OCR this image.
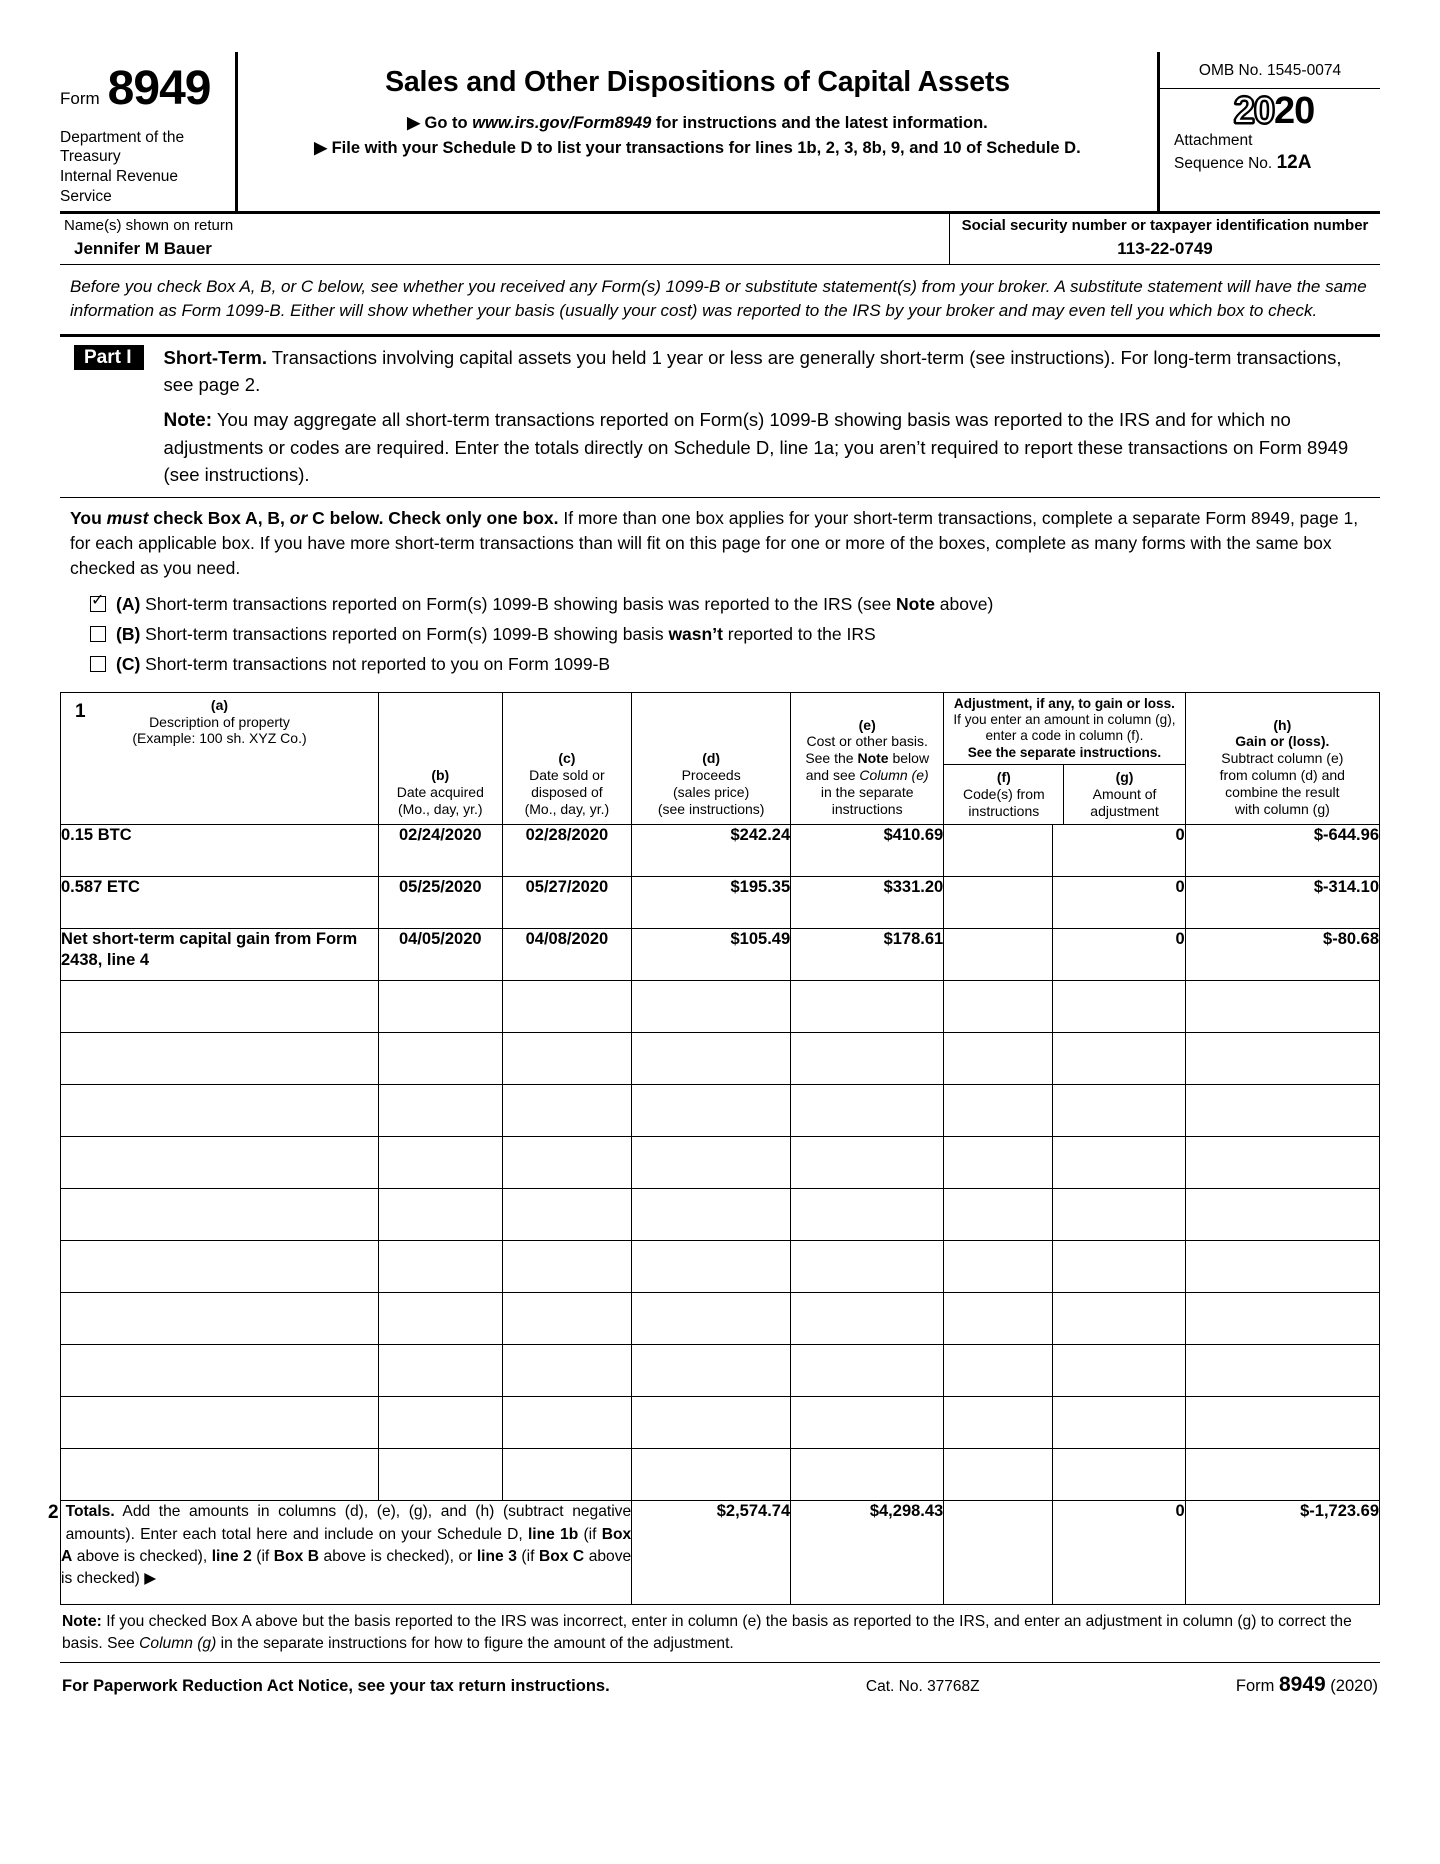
Form 8949
Department of the Treasury
Internal Revenue Service
Sales and Other Dispositions of Capital Assets
▶ Go to www.irs.gov/Form8949 for instructions and the latest information.
▶ File with your Schedule D to list your transactions for lines 1b, 2, 3, 8b, 9, and 10 of Schedule D.
OMB No. 1545-0074
2020
Attachment
Sequence No. 12A
Name(s) shown on return
Jennifer M Bauer
Social security number or taxpayer identification number
113-22-0749
Before you check Box A, B, or C below, see whether you received any Form(s) 1099-B or substitute statement(s) from your broker. A substitute statement will have the same information as Form 1099-B. Either will show whether your basis (usually your cost) was reported to the IRS by your broker and may even tell you which box to check.
Part I	Short-Term. Transactions involving capital assets you held 1 year or less are generally short-term (see instructions). For long-term transactions, see page 2.
Note: You may aggregate all short-term transactions reported on Form(s) 1099-B showing basis was reported to the IRS and for which no adjustments or codes are required. Enter the totals directly on Schedule D, line 1a; you aren’t required to report these transactions on Form 8949 (see instructions).
You must check Box A, B, or C below. Check only one box. If more than one box applies for your short-term transactions, complete a separate Form 8949, page 1, for each applicable box. If you have more short-term transactions than will fit on this page for one or more of the boxes, complete as many forms with the same box checked as you need.
✓
(A) Short-term transactions reported on Form(s) 1099-B showing basis was reported to the IRS (see Note above)
(B) Short-term transactions reported on Form(s) 1099-B showing basis wasn’t reported to the IRS
(C) Short-term transactions not reported to you on Form 1099-B
1	(a)
Description of property
(Example: 100 sh. XYZ Co.)

(b)
Date acquired
(Mo., day, yr.)

(c)
Date sold or
disposed of
(Mo., day, yr.)

(d)
Proceeds
(sales price)
(see instructions)

(e)
Cost or other basis.
See the Note below
and see Column (e)
in the separate
instructions

Adjustment, if any, to gain or loss.
If you enter an amount in column (g),
enter a code in column (f).
See the separate instructions.
(f)
Code(s) from
instructions
(g)
Amount of
adjustment

(h)
Gain or (loss).
Subtract column (e)
from column (d) and
combine the result
with column (g)

0.15 BTC	02/24/2020	02/28/2020	$242.24	$410.69		0	$-644.96

0.587 ETC	05/25/2020	05/27/2020	$195.35	$331.20		0	$-314.10

Net short-term capital gain from Form 2438, line 4	04/05/2020	04/08/2020	$105.49	$178.61		0	$-80.68

2 Totals. Add the amounts in columns (d), (e), (g), and (h) (subtract negative amounts). Enter each total here and include on your Schedule D, line 1b (if Box A above is checked), line 2 (if Box B above is checked), or line 3 (if Box C above is checked) ▶			$2,574.74	$4,298.43		0	$-1,723.69
Note: If you checked Box A above but the basis reported to the IRS was incorrect, enter in column (e) the basis as reported to the IRS, and enter an adjustment in column (g) to correct the basis. See Column (g) in the separate instructions for how to figure the amount of the adjustment.
For Paperwork Reduction Act Notice, see your tax return instructions.	Cat. No. 37768Z	Form 8949 (2020)
